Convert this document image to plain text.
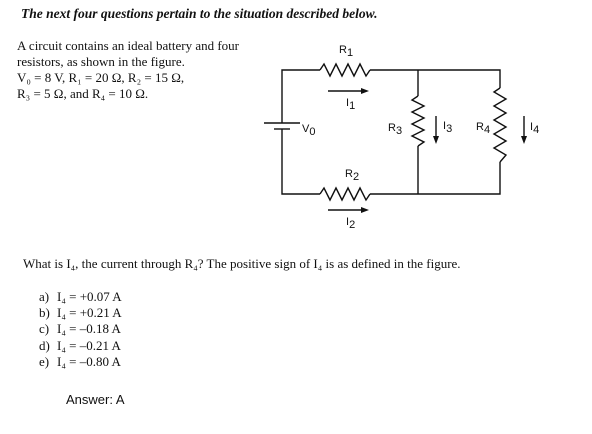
The next four questions pertain to the situation described below.

A circuit contains an ideal battery and four

resistors, as shown in the figure.

V₀ = 8 V, R₁ = 20 Ω, R₂ = 15 Ω,

R₃ = 5 Ω, and R₄ = 10 Ω.

R1
I1
V0	R3	I3 R4	I4
R2
I2
What is I₄, the current through R₄? The positive sign of I₄ is as defined in the figure.
a) I₄ = +0.07 A
b) I₄ = +0.21 A
c) I₄ = –0.18 A
d) I₄ = –0.21 A
e) I₄ = –0.80 A
Answer: A
